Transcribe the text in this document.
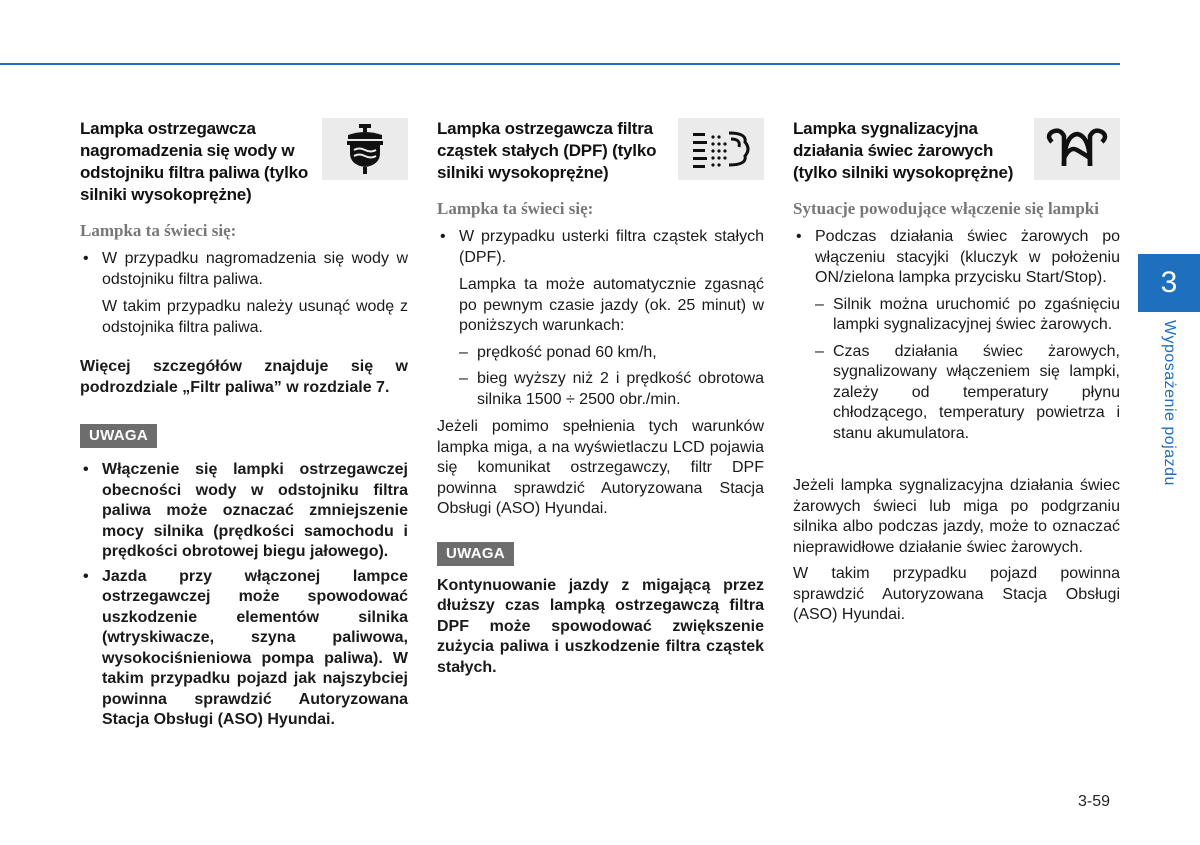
Lampka ostrzegawcza nagromadzenia się wody w odstojniku filtra paliwa (tylko silniki wysokoprężne)
Lampka ta świeci się:
• W przypadku nagromadzenia się wody w odstojniku filtra paliwa.
W takim przypadku należy usunąć wodę z odstojnika filtra paliwa.
Więcej szczegółów znajduje się w podrozdziale „Filtr paliwa” w rozdziale 7.
UWAGA
• Włączenie się lampki ostrzegawczej obecności wody w odstojniku filtra paliwa może oznaczać zmniejszenie mocy silnika (prędkości samochodu i prędkości obrotowej biegu jałowego).
• Jazda przy włączonej lampce ostrzegawczej może spowodować uszkodzenie elementów silnika (wtryskiwacze, szyna paliwowa, wysokociśnieniowa pompa paliwa). W takim przypadku pojazd jak najszybciej powinna sprawdzić Autoryzowana Stacja Obsługi (ASO) Hyundai.
Lampka ostrzegawcza filtra cząstek stałych (DPF) (tylko silniki wysokoprężne)
Lampka ta świeci się:
• W przypadku usterki filtra cząstek stałych (DPF).
Lampka ta może automatycznie zgasnąć po pewnym czasie jazdy (ok. 25 minut) w poniższych warunkach:
– prędkość ponad 60 km/h,
– bieg wyższy niż 2 i prędkość obrotowa silnika 1500 ÷ 2500 obr./min.
Jeżeli pomimo spełnienia tych warunków lampka miga, a na wyświetlaczu LCD pojawia się komunikat ostrzegawczy, filtr DPF powinna sprawdzić Autoryzowana Stacja Obsługi (ASO) Hyundai.
UWAGA
Kontynuowanie jazdy z migającą przez dłuższy czas lampką ostrzegawczą filtra DPF może spowodować zwiększenie zużycia paliwa i uszkodzenie filtra cząstek stałych.
Lampka sygnalizacyjna działania świec żarowych (tylko silniki wysokoprężne)
Sytuacje powodujące włączenie się lampki
• Podczas działania świec żarowych po włączeniu stacyjki (kluczyk w położeniu ON/zielona lampka przycisku Start/Stop).
– Silnik można uruchomić po zgaśnięciu lampki sygnalizacyjnej świec żarowych.
– Czas działania świec żarowych, sygnalizowany włączeniem się lampki, zależy od temperatury płynu chłodzącego, temperatury powietrza i stanu akumulatora.
Jeżeli lampka sygnalizacyjna działania świec żarowych świeci lub miga po podgrzaniu silnika albo podczas jazdy, może to oznaczać nieprawidłowe działanie świec żarowych.
W takim przypadku pojazd powinna sprawdzić Autoryzowana Stacja Obsługi (ASO) Hyundai.
3
Wyposażenie pojazdu
3-59
